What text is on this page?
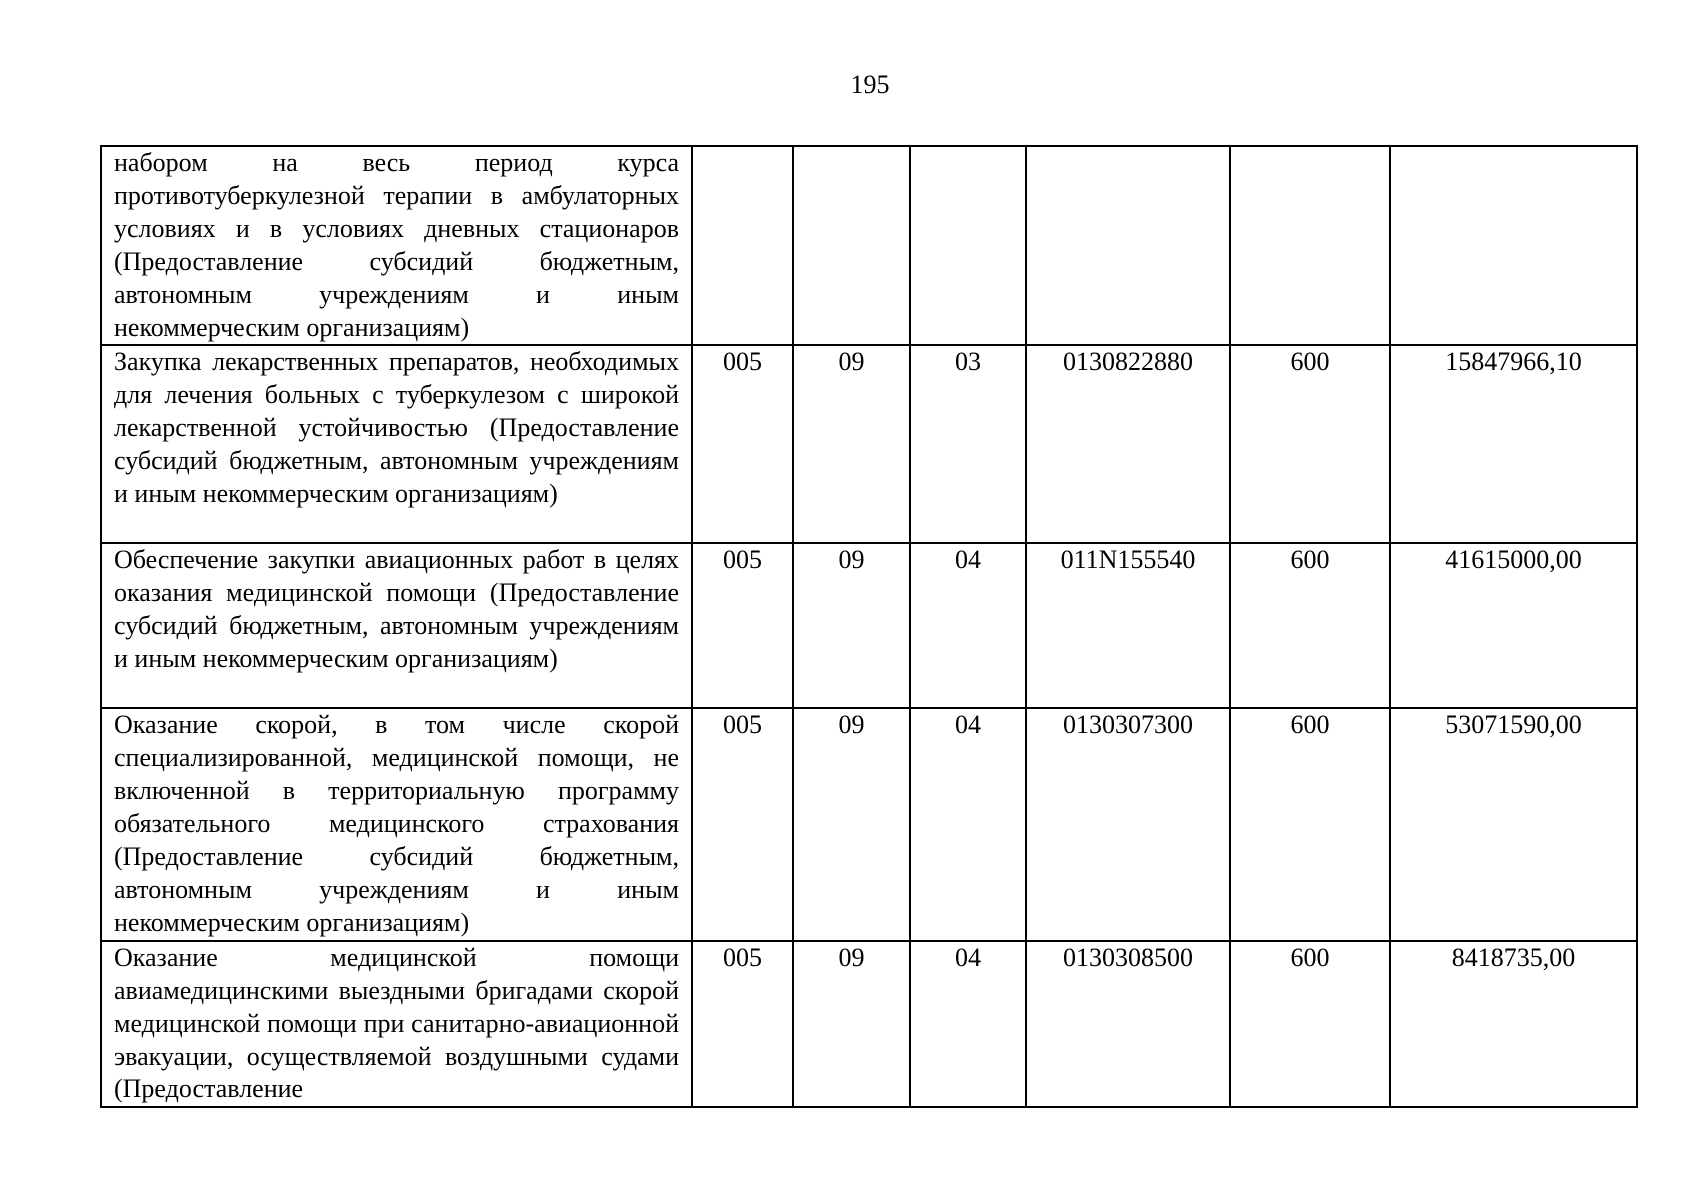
195
набором на весь период курса противотуберкулезной терапии в амбулаторных условиях и в условиях дневных стационаров (Предоставление субсидий бюджетным, автономным учреждениям и иным некоммерческим организациям)						

Закупка лекарственных препаратов, необходимых для лечения больных с туберкулезом с широкой лекарственной устойчивостью (Предоставление субсидий бюджетным, автономным учреждениям и иным некоммерческим организациям)	005	09	03	0130822880	600	15847966,10

Обеспечение закупки авиационных работ в целях оказания медицинской помощи (Предоставление субсидий бюджетным, автономным учреждениям и иным некоммерческим организациям)	005	09	04	011N155540	600	41615000,00

Оказание скорой, в том числе скорой специализированной, медицинской помощи, не включенной в территориальную программу обязательного медицинского страхования (Предоставление субсидий бюджетным, автономным учреждениям и иным некоммерческим организациям)	005	09	04	0130307300	600	53071590,00

Оказание медицинской помощи авиамедицинскими выездными бригадами скорой медицинской помощи при санитарно-авиационной эвакуации, осуществляемой воздушными судами (Предоставление	005	09	04	0130308500	600	8418735,00
